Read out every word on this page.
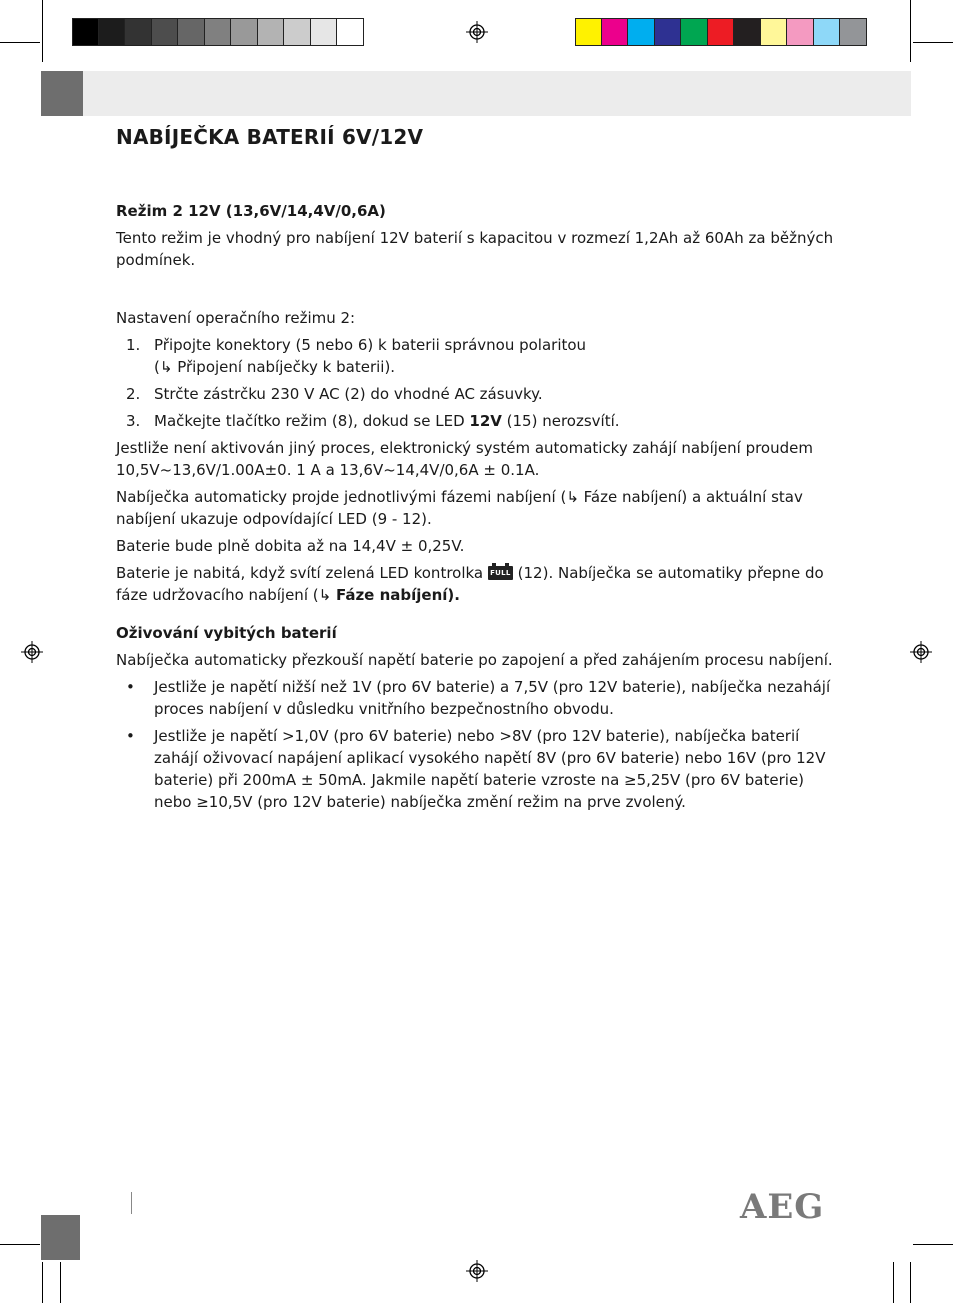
NABÍJEČKA BATERIÍ 6V/12V

Režim 2 12V (13,6V/14,4V/0,6A)

Tento režim je vhodný pro nabíjení 12V baterií s kapacitou v rozmezí 1,2Ah až 60Ah za běžných podmínek.

Nastavení operačního režimu 2:

1. Připojte konektory (5 nebo 6) k baterii správnou polaritou
(↳ Připojení nabíječky k baterii).
2. Strčte zástrčku 230 V AC (2) do vhodné AC zásuvky.
3. Mačkejte tlačítko režim (8), dokud se LED 12V (15) nerozsvítí.

Jestliže není aktivován jiný proces, elektronický systém automaticky zahájí nabíjení proudem 10,5V~13,6V/1.00A±0. 1 A a 13,6V~14,4V/0,6A ± 0.1A.

Nabíječka automaticky projde jednotlivými fázemi nabíjení (↳ Fáze nabíjení) a aktuální stav nabíjení ukazuje odpovídající LED (9 - 12).

Baterie bude plně dobita až na 14,4V ± 0,25V.

Baterie je nabitá, když svítí zelená LED kontrolka FULL (12). Nabíječka se automatiky přepne do fáze udržovacího nabíjení (↳ Fáze nabíjení).

Oživování vybitých baterií

Nabíječka automaticky přezkouší napětí baterie po zapojení a před zahájením procesu nabíjení.

• Jestliže je napětí nižší než 1V (pro 6V baterie) a 7,5V (pro 12V baterie), nabíječka nezahájí proces nabíjení v důsledku vnitřního bezpečnostního obvodu.
• Jestliže je napětí >1,0V (pro 6V baterie) nebo >8V (pro 12V baterie), nabíječka baterií zahájí oživovací napájení aplikací vysokého napětí 8V (pro 6V baterie) nebo 16V (pro 12V baterie) při 200mA ± 50mA. Jakmile napětí baterie vzroste na ≥5,25V (pro 6V baterie) nebo ≥10,5V (pro 12V baterie) nabíječka změní režim na prve zvolený.
AEG
